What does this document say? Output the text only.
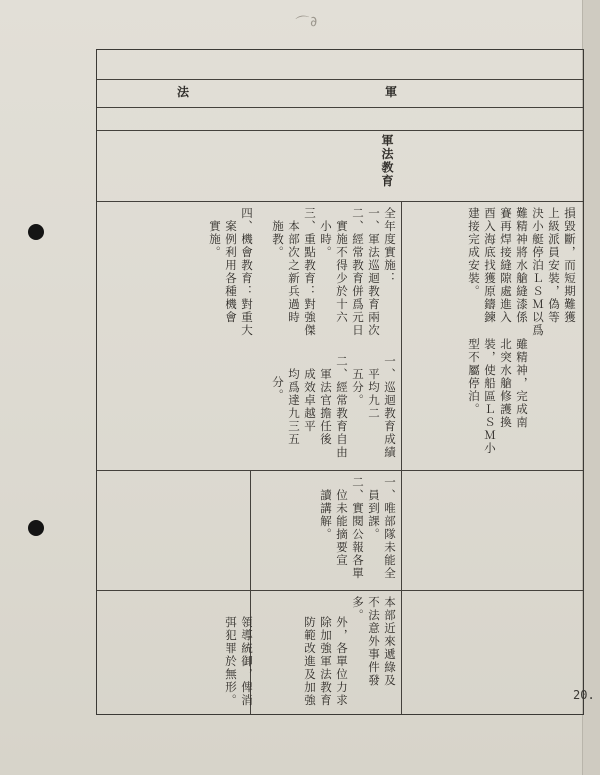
⌒∂
20.
法	軍
軍法教育
損毀斷，而短期難獲
上級派員安裝，偽等
決小艇停泊ＬＳＭ以爲
難精神將水艙縫漆係
賽再焊接縫隙處進入
酉入海底找獲原鑄鍊
建接完成安裝。
雖精神，完成南
北突水艙修護換
裝，使船區ＬＳＭ小
型不屬停泊。
全年度實施：
一、軍法巡迴教育兩次
二、經常教育併爲元日
　實施不得少於十六
　小時。
三、重點教育：對強傑
　本部次之新兵過時
　施教。
四、機會教育：對重大
　案例利用各種機會
　實施。
一、巡迴教育成績
　平均九二
　五分。
二、經常教育自由
　軍法官擔任後
　成效卓越平
　均爲達九三五
分。
一、唯部隊未能全
　員到課。
二、實閱公報各單
　位未能摘要宣
　讀講解。
本部近來遞綠及
不法意外事件發
多。
外，各單位力求
除加強軍法教育
防範改進及加強
領導統御，俾消
弭犯罪於無形。
